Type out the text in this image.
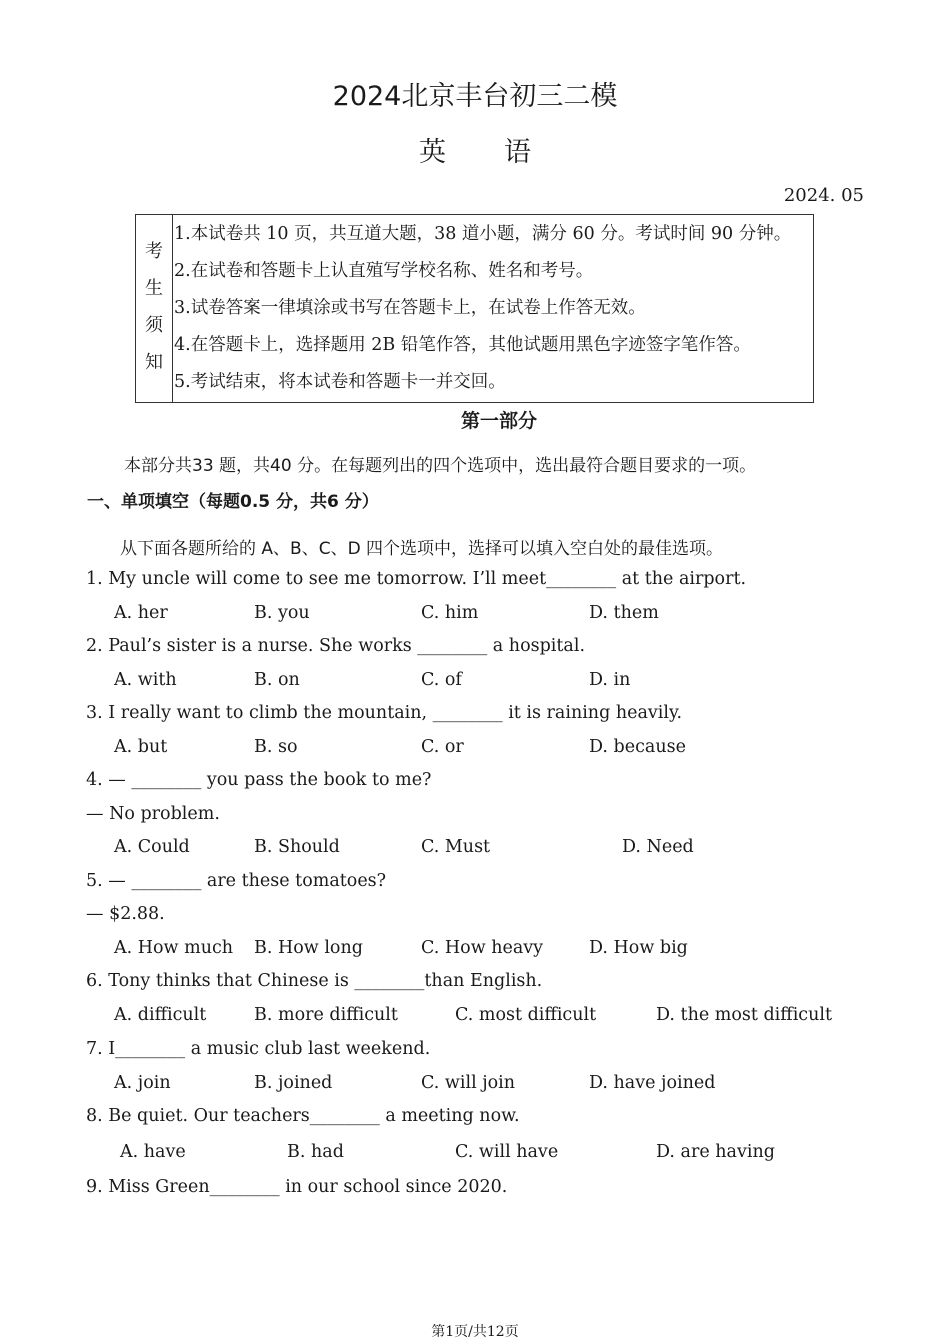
2024北京丰台初三二模
英 语
2024. 05
考
生
须
知
1.本试卷共 10 页，共互道大题，38 道小题，满分 60 分。考试时间 90 分钟。
2.在试卷和答题卡上认直殖写学校名称、姓名和考号。
3.试卷答案一律填涂或书写在答题卡上，在试卷上作答无效。
4.在答题卡上，选择题用 2B 铅笔作答，其他试题用黑色字迹签字笔作答。
5.考试结束，将本试卷和答题卡一并交回。
第一部分
本部分共33 题，共40 分。在每题列出的四个选项中，选出最符合题目要求的一项。
一、单项填空（每题0.5 分，共6 分）
从下面各题所给的 A、B、C、D 四个选项中，选择可以填入空白处的最佳选项。
1. My uncle will come to see me tomorrow. I’ll meet________ at the airport.
A. her	B. you	C. him	D. them
2. Paul’s sister is a nurse. She works ________ a hospital.
A. with	B. on	C. of	D. in
3. I really want to climb the mountain, ________ it is raining heavily.
A. but	B. so	C. or	D. because
4. — ________ you pass the book to me?
— No problem.
A. Could	B. Should	C. Must	D. Need
5. — ________ are these tomatoes?
— $2.88.
A. How much B. How long	C. How heavy	D. How big
6. Tony thinks that Chinese is ________than English.
A. difficult	B. more difficult	C. most difficult	D. the most difficult
7. I________ a music club last weekend.
A. join	B. joined	C. will join	D. have joined
8. Be quiet. Our teachers________ a meeting now.
A. have	B. had	C. will have	D. are having
9. Miss Green________ in our school since 2020.
第1页/共12页
